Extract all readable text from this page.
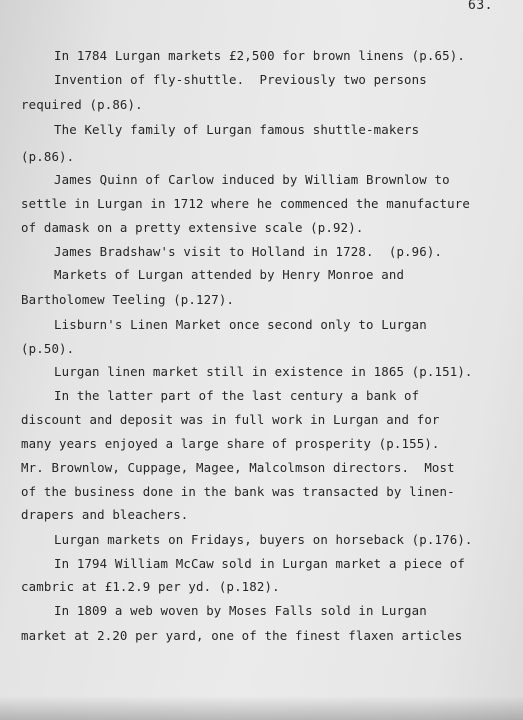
63.
In 1784 Lurgan markets £2,500 for brown linens (p.65).
Invention of fly-shuttle.  Previously two persons
required (p.86).
The Kelly family of Lurgan famous shuttle-makers
(p.86).
James Quinn of Carlow induced by William Brownlow to
settle in Lurgan in 1712 where he commenced the manufacture
of damask on a pretty extensive scale (p.92).
James Bradshaw's visit to Holland in 1728.  (p.96).
Markets of Lurgan attended by Henry Monroe and
Bartholomew Teeling (p.127).
Lisburn's Linen Market once second only to Lurgan
(p.50).
Lurgan linen market still in existence in 1865 (p.151).
In the latter part of the last century a bank of
discount and deposit was in full work in Lurgan and for
many years enjoyed a large share of prosperity (p.155).
Mr. Brownlow, Cuppage, Magee, Malcolmson directors.  Most
of the business done in the bank was transacted by linen-
drapers and bleachers.
Lurgan markets on Fridays, buyers on horseback (p.176).
In 1794 William McCaw sold in Lurgan market a piece of
cambric at £1.2.9 per yd. (p.182).
In 1809 a web woven by Moses Falls sold in Lurgan
market at 2.20 per yard, one of the finest flaxen articles
